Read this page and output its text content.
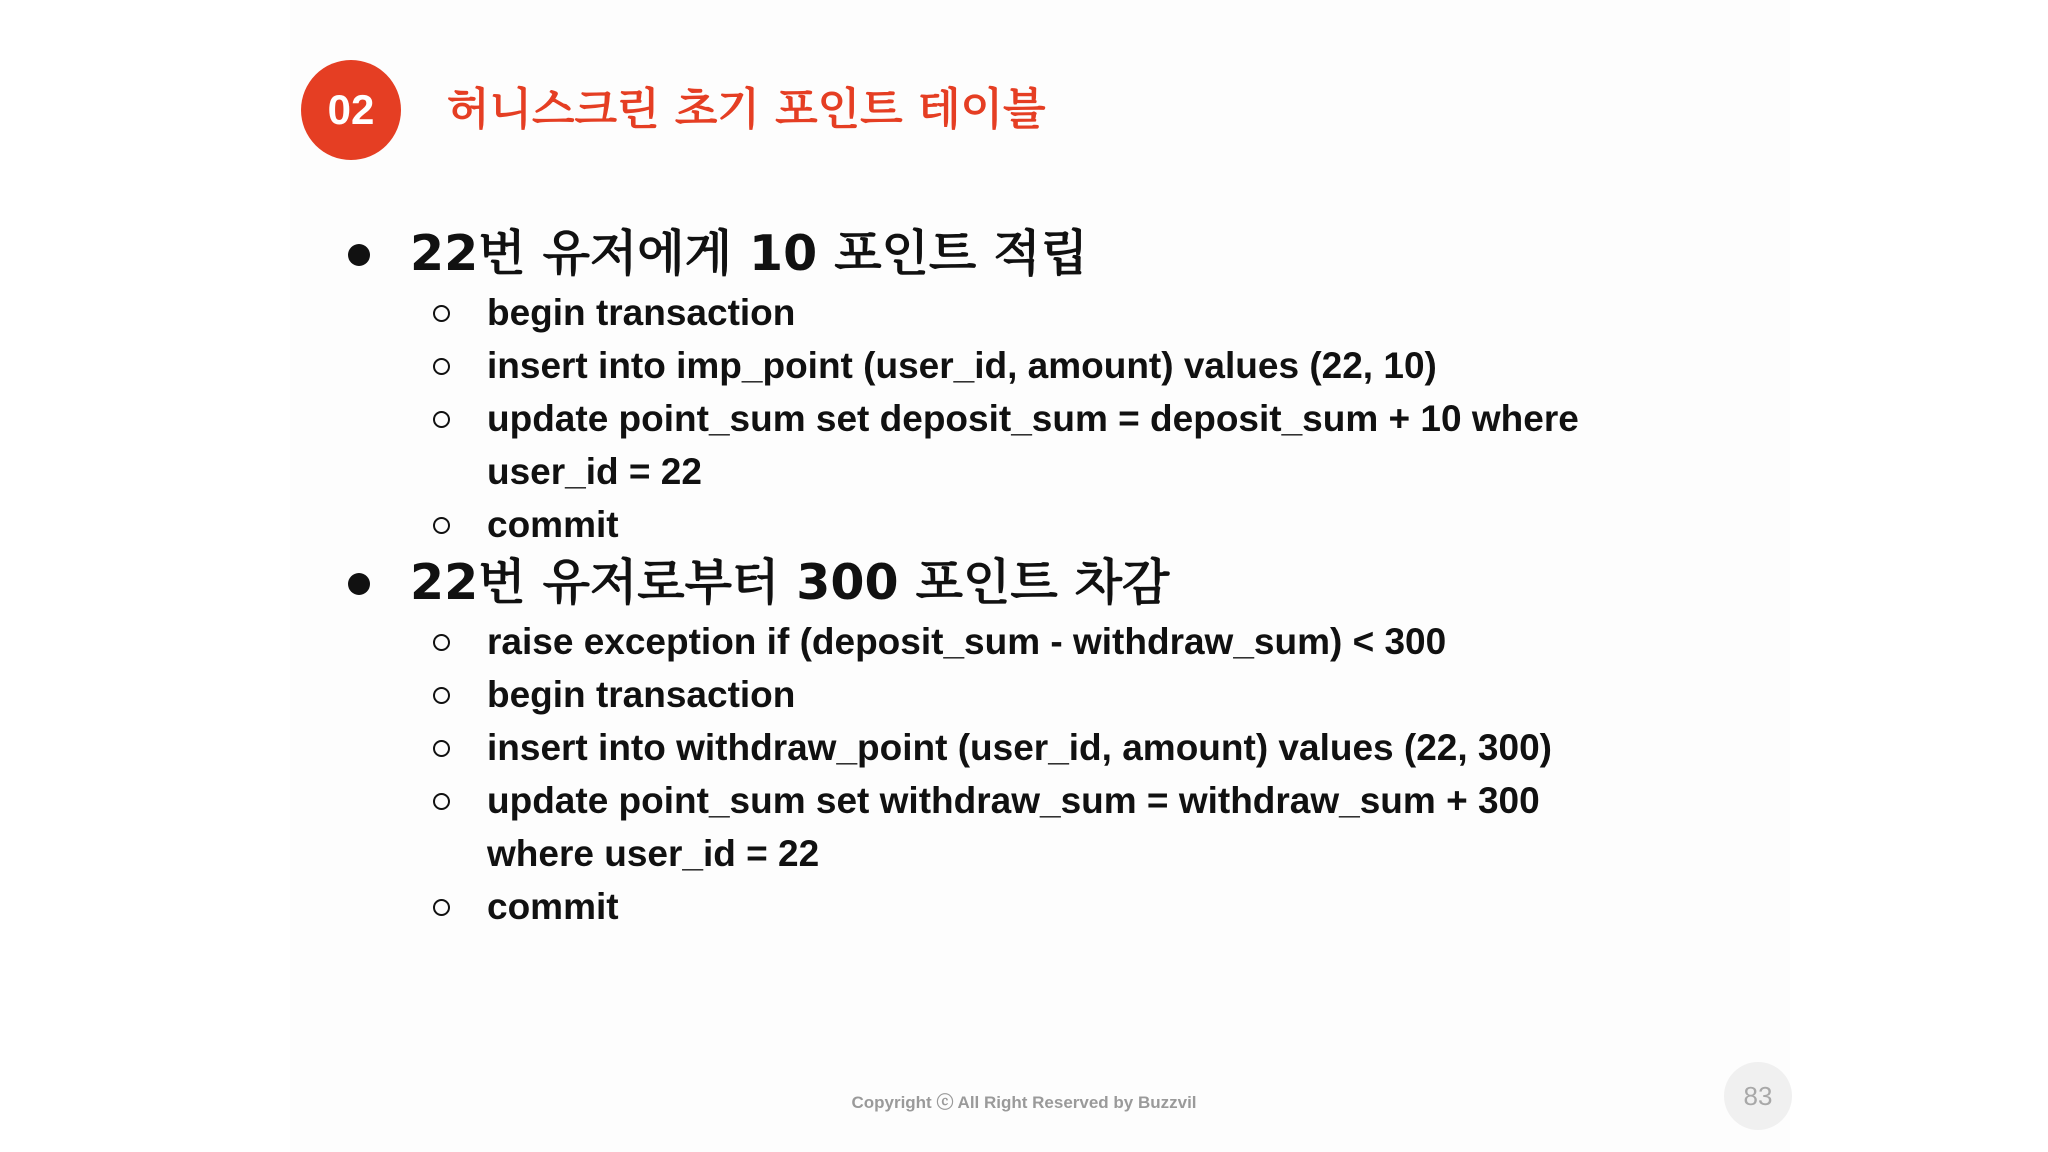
02 허니스크린 초기 포인트 테이블
22번 유저에게 10 포인트 적립
begin transaction
insert into imp_point (user_id, amount) values (22, 10)
update point_sum set deposit_sum = deposit_sum + 10 where
user_id = 22
commit
22번 유저로부터 300 포인트 차감
raise exception if (deposit_sum - withdraw_sum) < 300
begin transaction
insert into withdraw_point (user_id, amount) values (22, 300)
update point_sum set withdraw_sum = withdraw_sum + 300
where user_id = 22
commit
Copyright ⓒ All Right Reserved by Buzzvil	83
